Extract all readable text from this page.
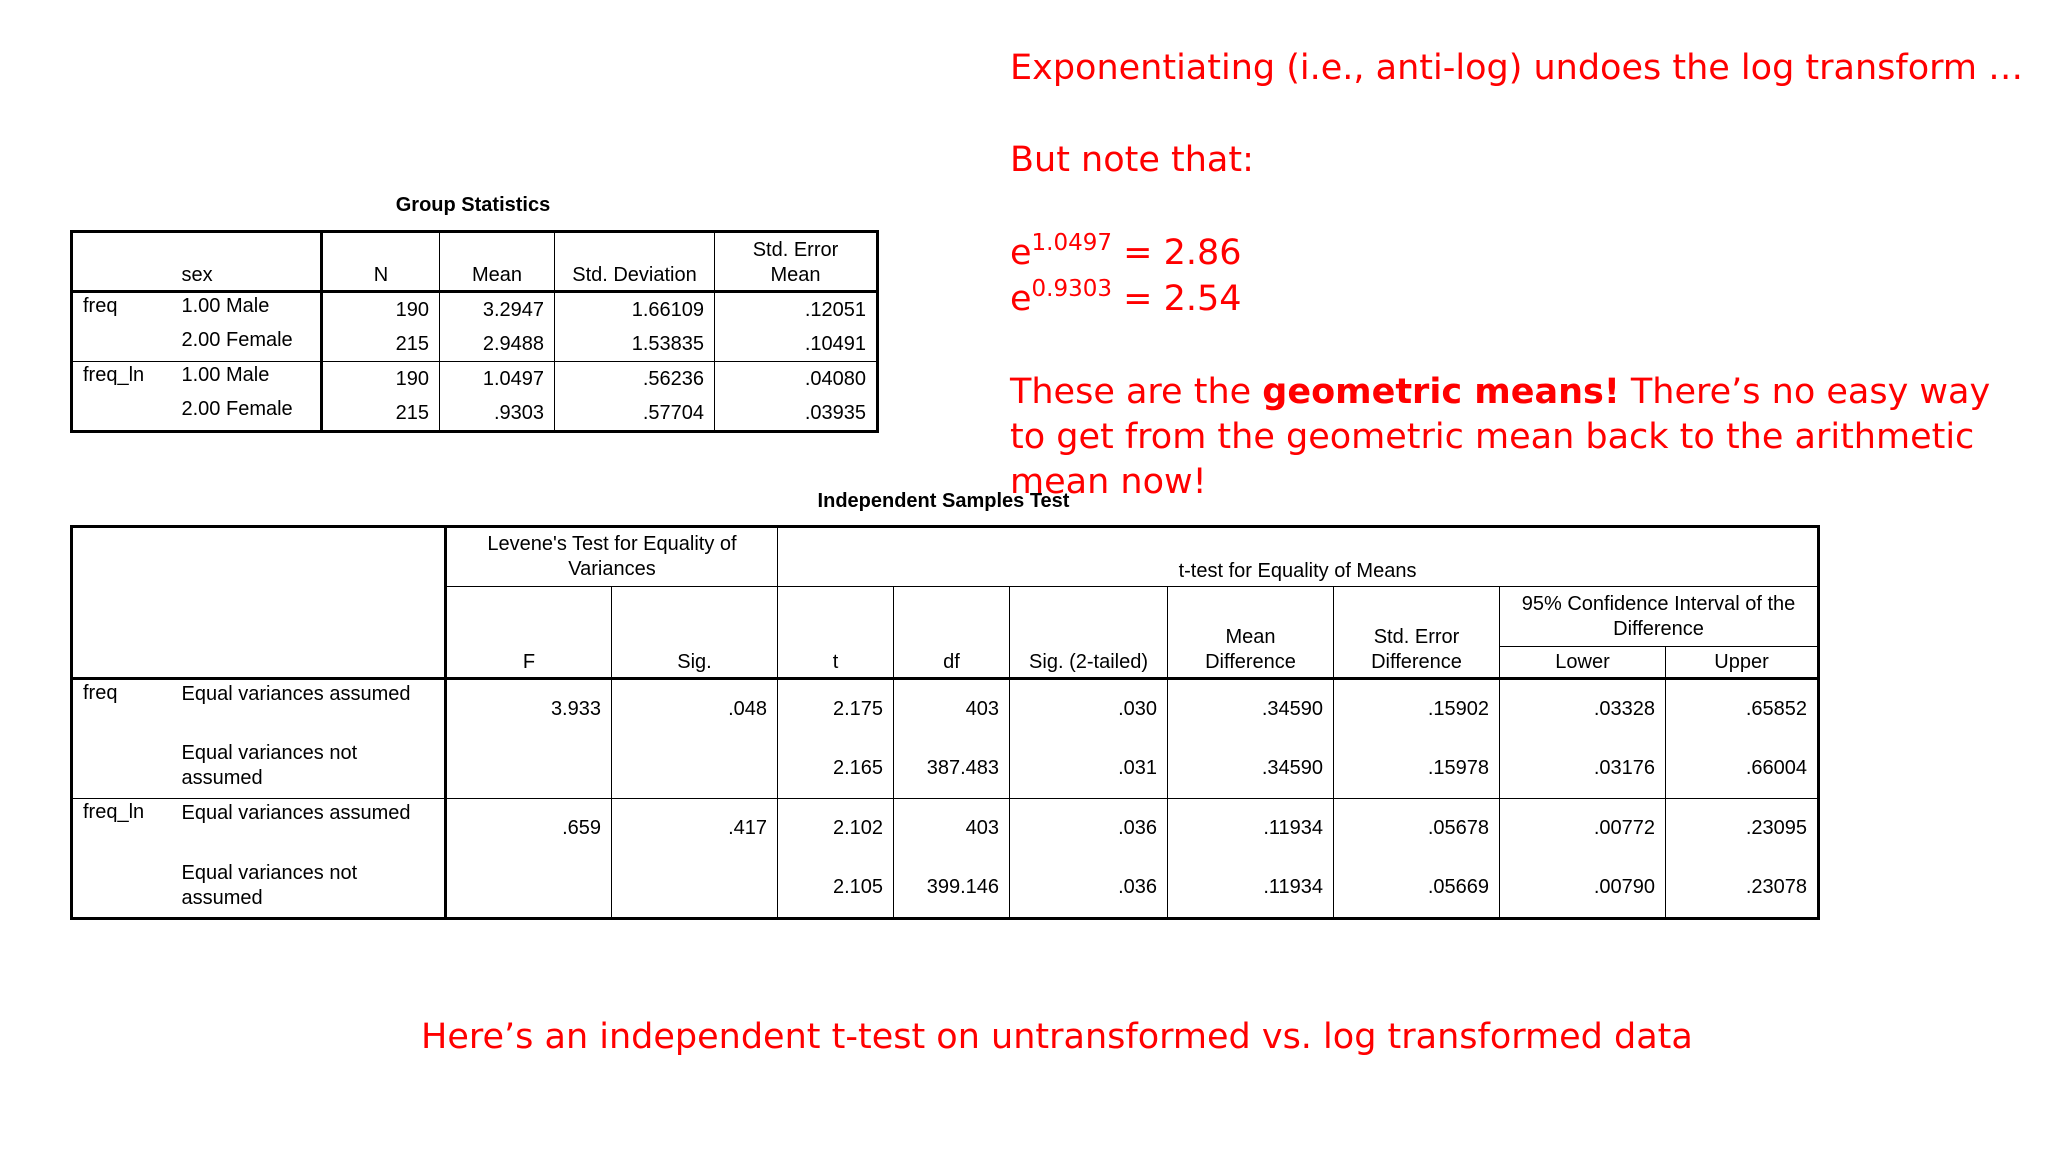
Exponentiating (i.e., anti-log) undoes the log transform …
But note that:
$e^{1.0497} = 2.86$
$e^{0.9303} = 2.54$
These are the geometric means! There’s no easy way to get from the geometric mean back to the arithmetic mean now!
Here’s an independent t-test on untransformed vs. log transformed data
Group Statistics
	sex	N	Mean	Std. Deviation	Std. Error Mean
freq	1.00 Male	190	3.2947	1.66109	.12051
	2.00 Female	215	2.9488	1.53835	.10491
freq_ln	1.00 Male	190	1.0497	.56236	.04080
	2.00 Female	215	.9303	.57704	.03935
Independent Samples Test
		Levene's Test for Equality of Variances		t-test for Equality of Means						
		F	Sig.	t	df	Sig. (2-tailed)	Mean Difference	Std. Error Difference	95% Confidence Interval of the Difference	
									Lower	Upper
freq	Equal variances assumed	3.933	.048	2.175	403	.030	.34590	.15902	.03328	.65852
	Equal variances not assumed			2.165	387.483	.031	.34590	.15978	.03176	.66004
freq_ln	Equal variances assumed	.659	.417	2.102	403	.036	.11934	.05678	.00772	.23095
	Equal variances not assumed			2.105	399.146	.036	.11934	.05669	.00790	.23078
